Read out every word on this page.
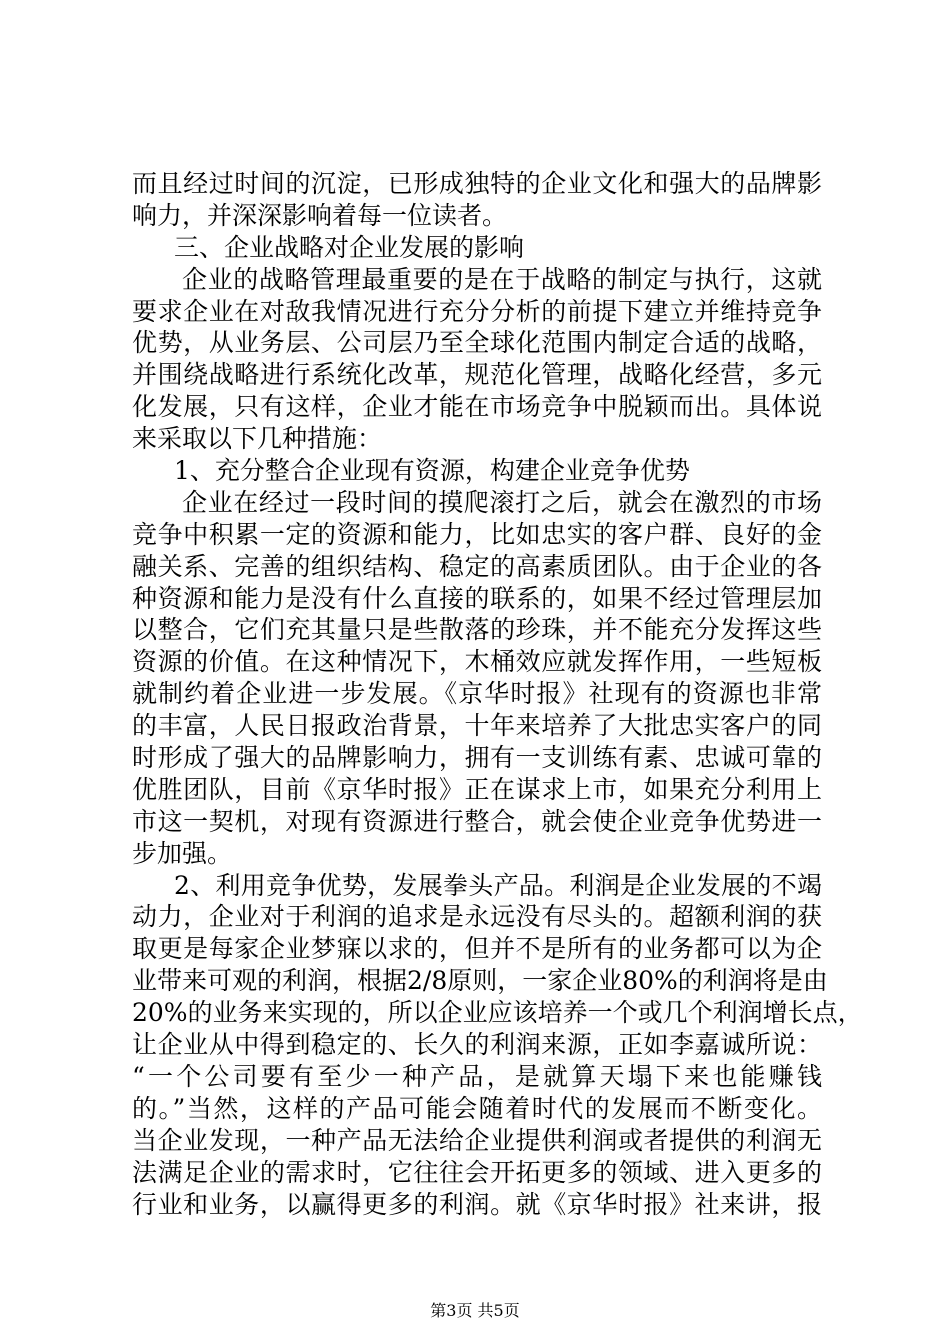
而且经过时间的沉淀，已形成独特的企业文化和强大的品牌影
响力，并深深影响着每一位读者。
三、企业战略对企业发展的影响
企业的战略管理最重要的是在于战略的制定与执行，这就
要求企业在对敌我情况进行充分分析的前提下建立并维持竞争
优势，从业务层、公司层乃至全球化范围内制定合适的战略，
并围绕战略进行系统化改革，规范化管理，战略化经营，多元
化发展，只有这样，企业才能在市场竞争中脱颖而出。具体说
来采取以下几种措施：
1、充分整合企业现有资源，构建企业竞争优势
企业在经过一段时间的摸爬滚打之后，就会在激烈的市场
竞争中积累一定的资源和能力，比如忠实的客户群、良好的金
融关系、完善的组织结构、稳定的高素质团队。由于企业的各
种资源和能力是没有什么直接的联系的，如果不经过管理层加
以整合，它们充其量只是些散落的珍珠，并不能充分发挥这些
资源的价值。在这种情况下，木桶效应就发挥作用，一些短板
就制约着企业进一步发展。《京华时报》社现有的资源也非常
的丰富，人民日报政治背景，十年来培养了大批忠实客户的同
时形成了强大的品牌影响力，拥有一支训练有素、忠诚可靠的
优胜团队，目前《京华时报》正在谋求上市，如果充分利用上
市这一契机，对现有资源进行整合，就会使企业竞争优势进一
步加强。
2、利用竞争优势，发展拳头产品。利润是企业发展的不竭
动力，企业对于利润的追求是永远没有尽头的。超额利润的获
取更是每家企业梦寐以求的，但并不是所有的业务都可以为企
业带来可观的利润，根据2/8原则，一家企业80%的利润将是由
20%的业务来实现的，所以企业应该培养一个或几个利润增长点，
让企业从中得到稳定的、长久的利润来源，正如李嘉诚所说：
“一个公司要有至少一种产品，是就算天塌下来也能赚钱
的。”当然，这样的产品可能会随着时代的发展而不断变化。
当企业发现，一种产品无法给企业提供利润或者提供的利润无
法满足企业的需求时，它往往会开拓更多的领域、进入更多的
行业和业务，以赢得更多的利润。就《京华时报》社来讲，报
第3页 共5页
